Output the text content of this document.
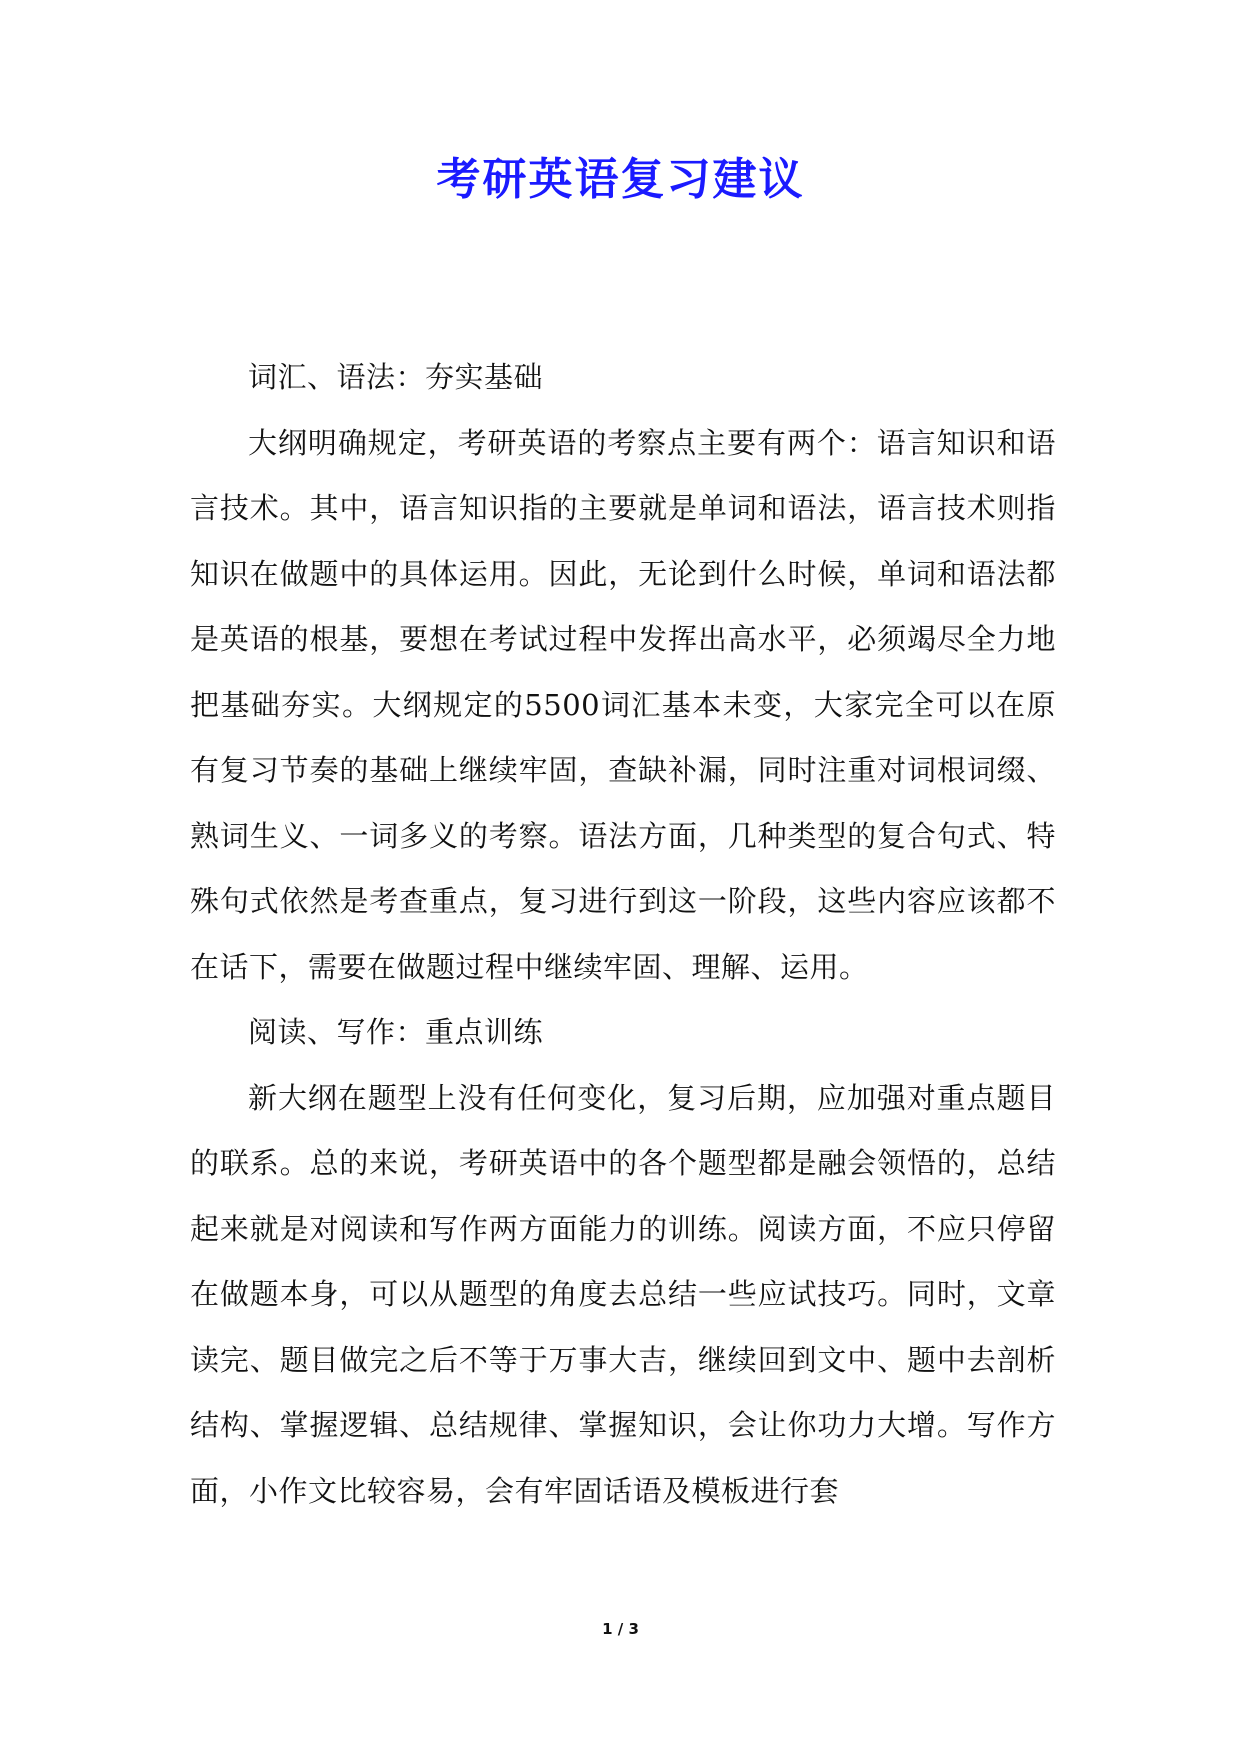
考研英语复习建议

词汇、语法：夯实基础

大纲明确规定，考研英语的考察点主要有两个：语言知识和语言技术。其中，语言知识指的主要就是单词和语法，语言技术则指知识在做题中的具体运用。因此，无论到什么时候，单词和语法都是英语的根基，要想在考试过程中发挥出高水平，必须竭尽全力地把基础夯实。大纲规定的5500词汇基本未变，大家完全可以在原有复习节奏的基础上继续牢固，查缺补漏，同时注重对词根词缀、熟词生义、一词多义的考察。语法方面，几种类型的复合句式、特殊句式依然是考查重点，复习进行到这一阶段，这些内容应该都不在话下，需要在做题过程中继续牢固、理解、运用。

阅读、写作：重点训练

新大纲在题型上没有任何变化，复习后期，应加强对重点题目的联系。总的来说，考研英语中的各个题型都是融会领悟的，总结起来就是对阅读和写作两方面能力的训练。阅读方面，不应只停留在做题本身，可以从题型的角度去总结一些应试技巧。同时，文章读完、题目做完之后不等于万事大吉，继续回到文中、题中去剖析结构、掌握逻辑、总结规律、掌握知识，会让你功力大增。写作方面，小作文比较容易，会有牢固话语及模板进行套

1 / 3
